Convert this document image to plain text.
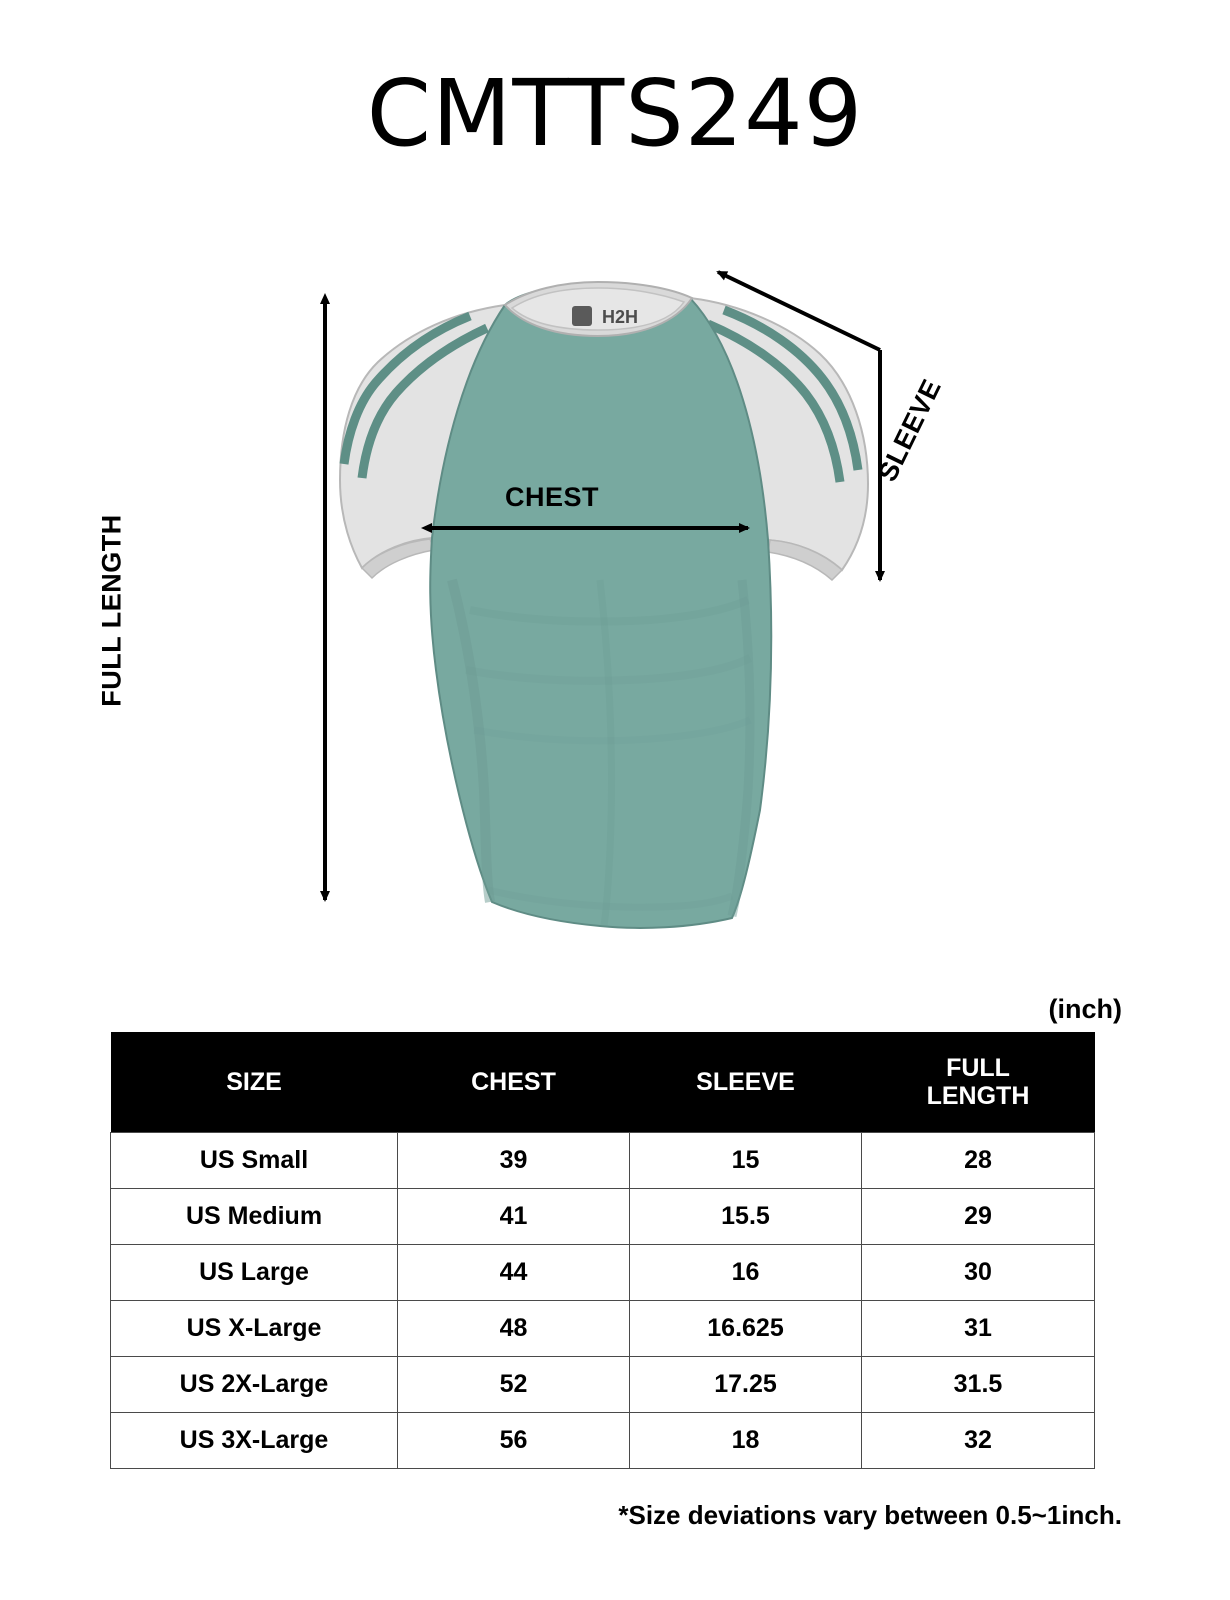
CMTTS249
H2H
FULL LENGTH
SLEEVE
CHEST
(inch)
SIZE	CHEST	SLEEVE	FULL
LENGTH

US Small	39	15	28
US Medium	41	15.5	29
US Large	44	16	30
US X-Large	48	16.625	31
US 2X-Large	52	17.25	31.5
US 3X-Large	56	18	32
*Size deviations vary between 0.5~1inch.
